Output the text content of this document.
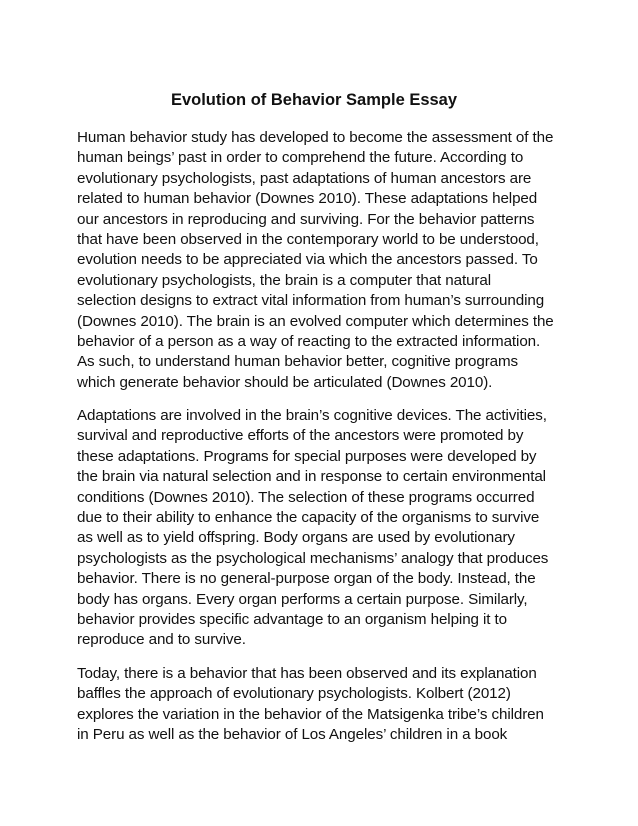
Evolution of Behavior Sample Essay
Human behavior study has developed to become the assessment of the
human beings’ past in order to comprehend the future. According to
evolutionary psychologists, past adaptations of human ancestors are
related to human behavior (Downes 2010). These adaptations helped
our ancestors in reproducing and surviving. For the behavior patterns
that have been observed in the contemporary world to be understood,
evolution needs to be appreciated via which the ancestors passed. To
evolutionary psychologists, the brain is a computer that natural
selection designs to extract vital information from human’s surrounding
(Downes 2010). The brain is an evolved computer which determines the
behavior of a person as a way of reacting to the extracted information.
As such, to understand human behavior better, cognitive programs
which generate behavior should be articulated (Downes 2010).
Adaptations are involved in the brain’s cognitive devices. The activities,
survival and reproductive efforts of the ancestors were promoted by
these adaptations. Programs for special purposes were developed by
the brain via natural selection and in response to certain environmental
conditions (Downes 2010). The selection of these programs occurred
due to their ability to enhance the capacity of the organisms to survive
as well as to yield offspring. Body organs are used by evolutionary
psychologists as the psychological mechanisms’ analogy that produces
behavior. There is no general-purpose organ of the body. Instead, the
body has organs. Every organ performs a certain purpose. Similarly,
behavior provides specific advantage to an organism helping it to
reproduce and to survive.
Today, there is a behavior that has been observed and its explanation
baffles the approach of evolutionary psychologists. Kolbert (2012)
explores the variation in the behavior of the Matsigenka tribe’s children
in Peru as well as the behavior of Los Angeles’ children in a book
